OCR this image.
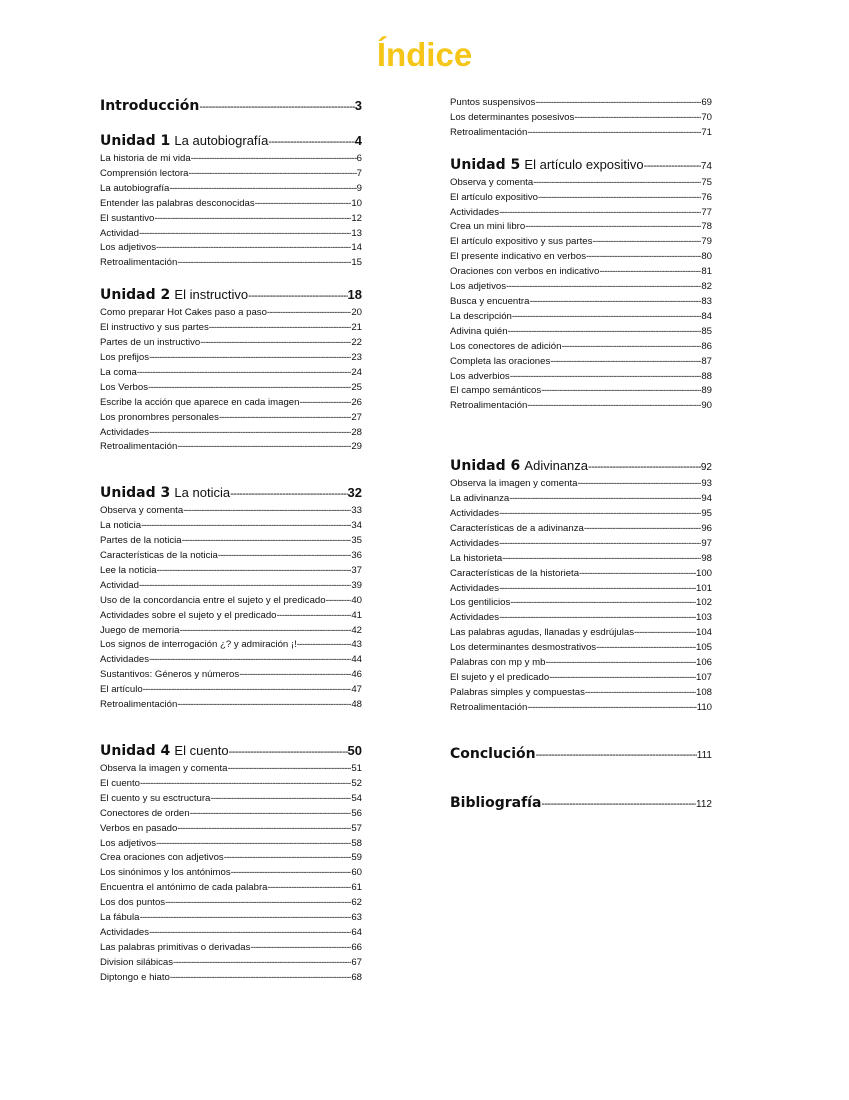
Índice
Introducción -----	3
Unidad 1 La autobiografía -----	4
La historia de mi vida -----	6
Comprensión lectora -----	7
La autobiografía -----	9
Entender las palabras desconocidas -----	10
El sustantivo -----	12
Actividad -----	13
Los adjetivos -----	14
Retroalimentación -----	15
Unidad 2 El instructivo -----	18
Como preparar Hot Cakes paso a paso -----	20
El instructivo y sus partes -----	21
Partes de un instructivo -----	22
Los prefijos -----	23
La coma -----	24
Los Verbos -----	25
Escribe la acción que aparece en cada imagen -----	26
Los pronombres personales -----	27
Actividades -----	28
Retroalimentación -----	29
Unidad 3 La noticia -----	32
Observa y comenta -----	33
La noticia -----	34
Partes de la noticia -----	35
Características de la noticia -----	36
Lee la noticia -----	37
Actividad -----	39
Uso de la concordancia entre el sujeto y el predicado -----	40
Actividades sobre el sujeto y el predicado -----	41
Juego de memoria -----	42
Los signos de interrogación ¿? y admiración ¡! -----	43
Actividades -----	44
Sustantivos: Géneros y números -----	46
El artículo -----	47
Retroalimentación -----	48
Unidad 4 El cuento -----	50
Observa la imagen y comenta -----	51
El cuento -----	52
El cuento y su esctructura -----	54
Conectores de orden -----	56
Verbos en pasado -----	57
Los adjetivos -----	58
Crea oraciones con adjetivos -----	59
Los sinónimos y los antónimos -----	60
Encuentra el antónimo de cada palabra -----	61
Los dos puntos -----	62
La fábula -----	63
Actividades -----	64
Las palabras primitivas o derivadas -----	66
Division silábicas -----	67
Diptongo e hiato -----	68
Puntos suspensivos -----	69
Los determinantes posesivos -----	70
Retroalimentación -----	71
Unidad 5 El artículo expositivo -----	74
Observa y comenta -----	75
El artículo expositivo -----	76
Actividades -----	77
Crea un mini libro -----	78
El artículo expositivo y sus partes -----	79
El presente indicativo en verbos -----	80
Oraciones con verbos en indicativo -----	81
Los adjetivos -----	82
Busca y encuentra -----	83
La descripción -----	84
Adivina quién -----	85
Los conectores de adición -----	86
Completa las oraciones -----	87
Los adverbios -----	88
El campo semánticos -----	89
Retroalimentación -----	90
Unidad 6 Adivinanza -----	92
Observa la imagen y comenta -----	93
La adivinanza -----	94
Actividades -----	95
Características de a adivinanza -----	96
Actividades -----	97
La historieta -----	98
Características de la historieta -----	100
Actividades -----	101
Los gentilicios -----	102
Actividades -----	103
Las palabras agudas, llanadas y esdrújulas -----	104
Los determinantes desmostrativos -----	105
Palabras con mp y mb -----	106
El sujeto y el predicado -----	107
Palabras simples y compuestas -----	108
Retroalimentación -----	110
Conclución -----	111
Bibliografía -----	112
